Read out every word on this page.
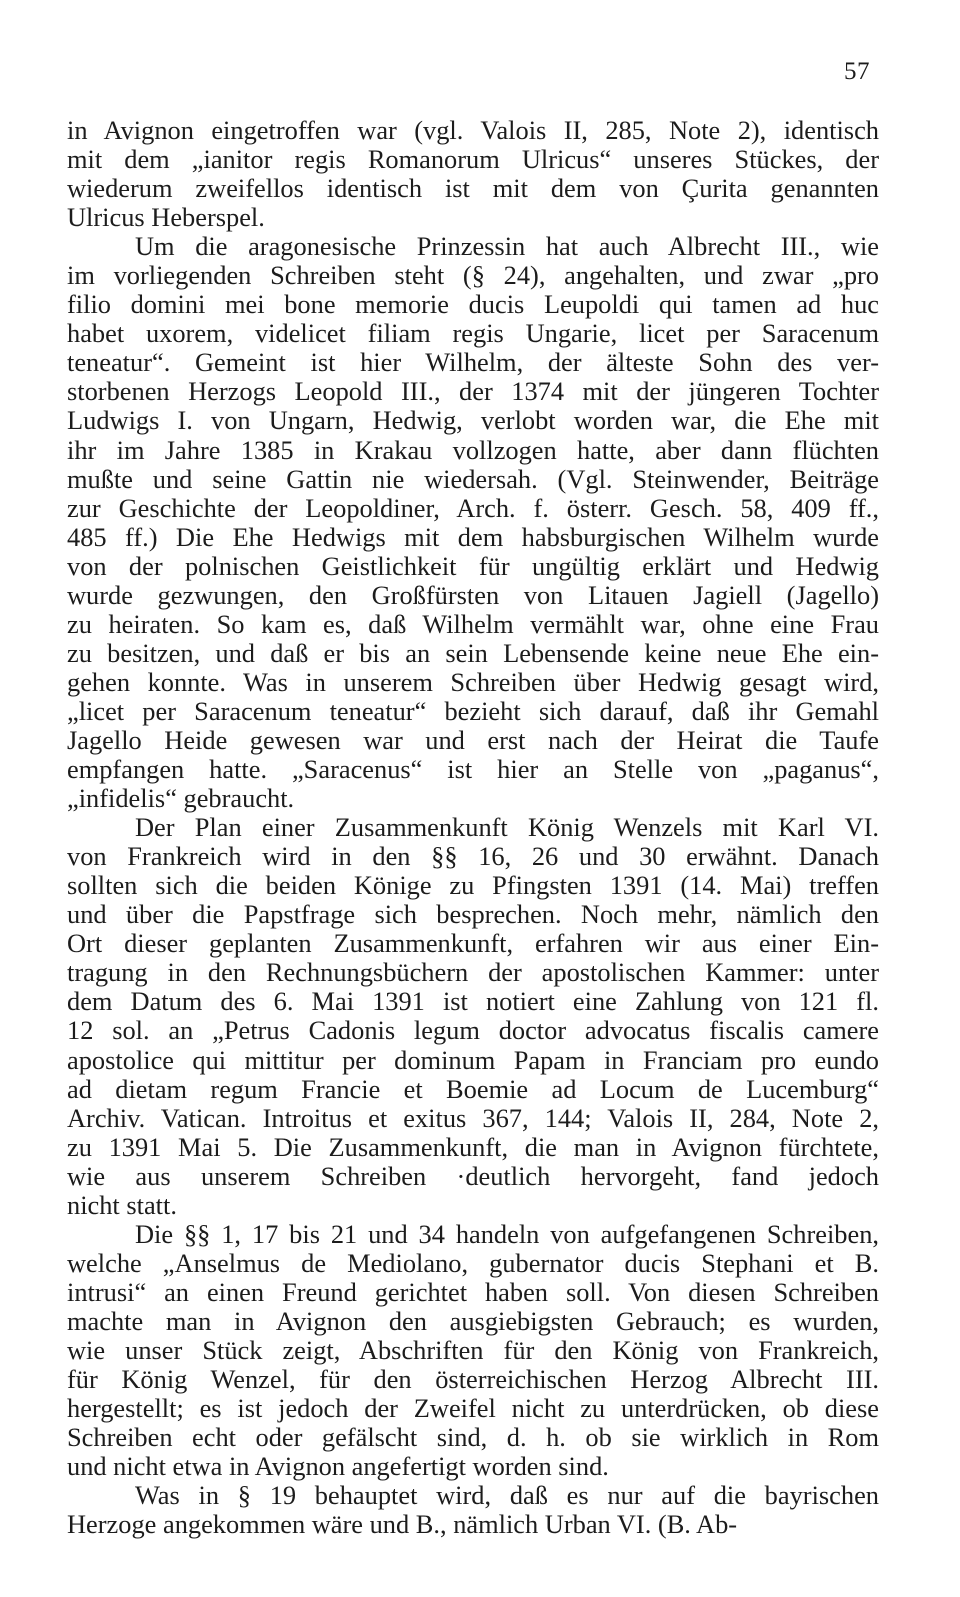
57

in Avignon eingetroffen war (vgl. Valois II, 285, Note 2), identisch
mit dem „ianitor regis Romanorum Ulricus“ unseres Stückes, der
wiederum zweifellos identisch ist mit dem von Çurita genannten
Ulricus Heberspel.

Um die aragonesische Prinzessin hat auch Albrecht III., wie
im vorliegenden Schreiben steht (§ 24), angehalten, und zwar „pro
filio domini mei bone memorie ducis Leupoldi qui tamen ad huc
habet uxorem, videlicet filiam regis Ungarie, licet per Saracenum
teneatur“. Gemeint ist hier Wilhelm, der älteste Sohn des ver-
storbenen Herzogs Leopold III., der 1374 mit der jüngeren Tochter
Ludwigs I. von Ungarn, Hedwig, verlobt worden war, die Ehe mit
ihr im Jahre 1385 in Krakau vollzogen hatte, aber dann flüchten
mußte und seine Gattin nie wiedersah. (Vgl. Steinwender, Beiträge
zur Geschichte der Leopoldiner, Arch. f. österr. Gesch. 58, 409 ff.,
485 ff.) Die Ehe Hedwigs mit dem habsburgischen Wilhelm wurde
von der polnischen Geistlichkeit für ungültig erklärt und Hedwig
wurde gezwungen, den Großfürsten von Litauen Jagiell (Jagello)
zu heiraten. So kam es, daß Wilhelm vermählt war, ohne eine Frau
zu besitzen, und daß er bis an sein Lebensende keine neue Ehe ein-
gehen konnte. Was in unserem Schreiben über Hedwig gesagt wird,
„licet per Saracenum teneatur“ bezieht sich darauf, daß ihr Gemahl
Jagello Heide gewesen war und erst nach der Heirat die Taufe
empfangen hatte. „Saracenus“ ist hier an Stelle von „paganus“,
„infidelis“ gebraucht.

Der Plan einer Zusammenkunft König Wenzels mit Karl VI.
von Frankreich wird in den §§ 16, 26 und 30 erwähnt. Danach
sollten sich die beiden Könige zu Pfingsten 1391 (14. Mai) treffen
und über die Papstfrage sich besprechen. Noch mehr, nämlich den
Ort dieser geplanten Zusammenkunft, erfahren wir aus einer Ein-
tragung in den Rechnungsbüchern der apostolischen Kammer: unter
dem Datum des 6. Mai 1391 ist notiert eine Zahlung von 121 fl.
12 sol. an „Petrus Cadonis legum doctor advocatus fiscalis camere
apostolice qui mittitur per dominum Papam in Franciam pro eundo
ad dietam regum Francie et Boemie ad Locum de Lucemburg“
Archiv. Vatican. Introitus et exitus 367, 144; Valois II, 284, Note 2,
zu 1391 Mai 5. Die Zusammenkunft, die man in Avignon fürchtete,
wie aus unserem Schreiben ·deutlich hervorgeht, fand jedoch
nicht statt.

Die §§ 1, 17 bis 21 und 34 handeln von aufgefangenen Schreiben,
welche „Anselmus de Mediolano, gubernator ducis Stephani et B.
intrusi“ an einen Freund gerichtet haben soll. Von diesen Schreiben
machte man in Avignon den ausgiebigsten Gebrauch; es wurden,
wie unser Stück zeigt, Abschriften für den König von Frankreich,
für König Wenzel, für den österreichischen Herzog Albrecht III.
hergestellt; es ist jedoch der Zweifel nicht zu unterdrücken, ob diese
Schreiben echt oder gefälscht sind, d. h. ob sie wirklich in Rom
und nicht etwa in Avignon angefertigt worden sind.

Was in § 19 behauptet wird, daß es nur auf die bayrischen
Herzoge angekommen wäre und B., nämlich Urban VI. (B. Ab-
